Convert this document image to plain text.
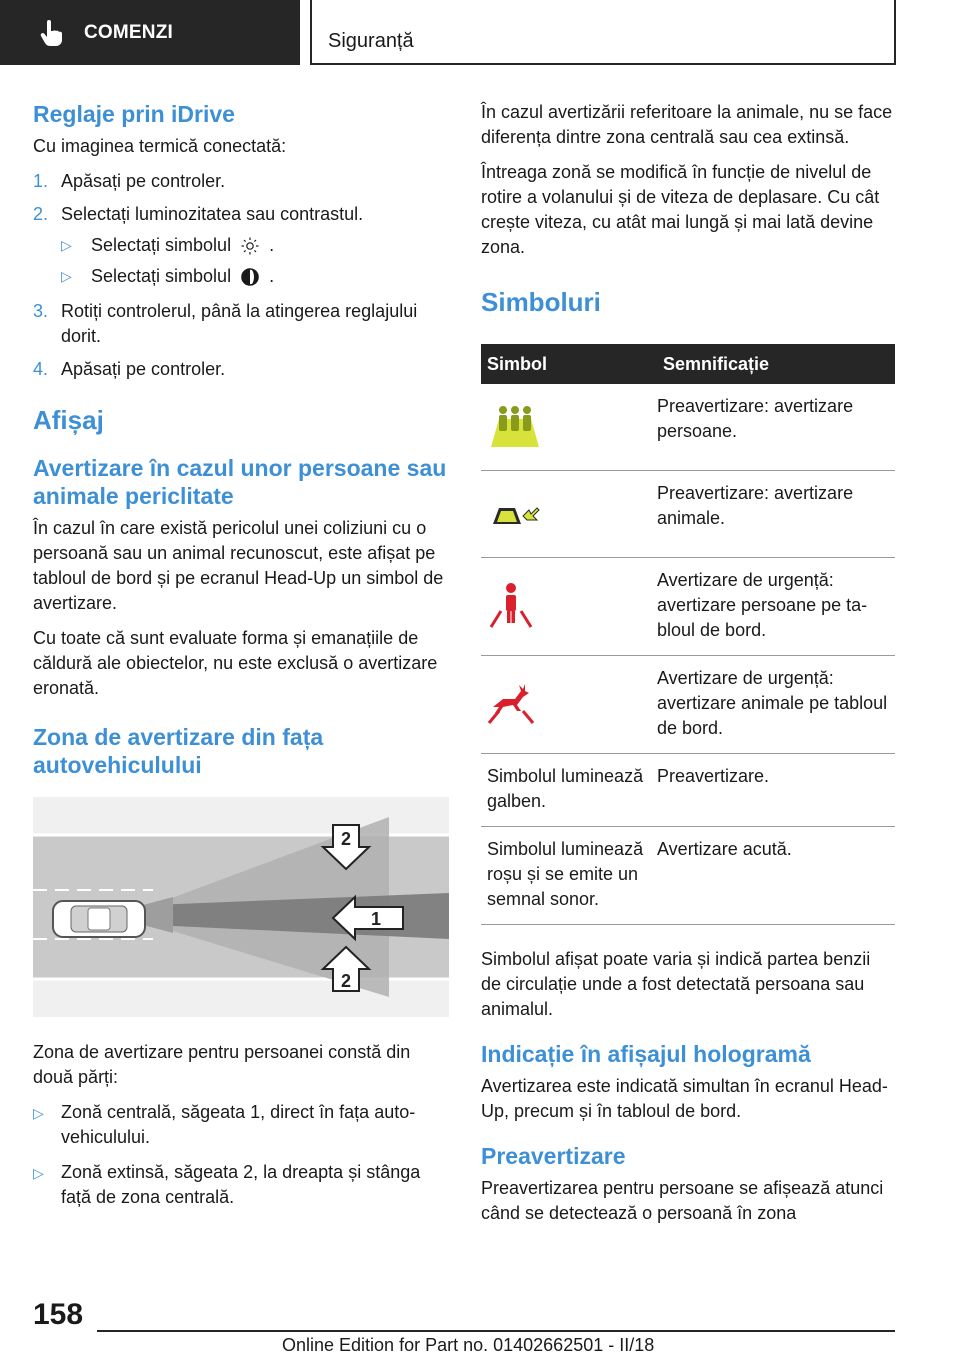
COMENZI	Siguranță
Reglaje prin iDrive

Cu imaginea termică conectată:

1. Apăsați pe controler.
2. Selectați luminozitatea sau contrastul.
▷	Selectați simbolul .
▷	Selectați simbolul .
3. Rotiți controlerul, până la atingerea reglajului dorit.
4. Apăsați pe controler.
Afișaj
Avertizare în cazul unor persoane sau animale periclitate

În cazul în care există pericolul unei coliziuni cu o persoană sau un animal recunoscut, este afișat pe tabloul de bord și pe ecranul Head-Up un simbol de avertizare.

Cu toate că sunt evaluate forma și emanațiile de căldură ale obiectelor, nu este exclusă o avertizare eronată.

Zona de avertizare din fața autovehiculului
2
1
2

Zona de avertizare pentru persoanei constă din două părți:

▷ Zonă centrală, săgeata 1, direct în fața autovehiculului.
▷ Zonă extinsă, săgeata 2, la dreapta și stânga față de zona centrală.

În cazul avertizării referitoare la animale, nu se face diferența dintre zona centrală sau cea extinsă.

Întreaga zonă se modifică în funcție de nivelul de rotire a volanului și de viteza de deplasare. Cu cât crește viteza, cu atât mai lungă și mai lată devine zona.

Simboluri
Simbol	Semnificație

	Preavertizare: avertizare persoane.

	Preavertizare: avertizare animale.

	Avertizare de urgență: avertizare persoane pe tabloul de bord.

	Avertizare de urgență: avertizare animale pe tabloul de bord.
Simbolul luminează galben.	Preavertizare.
Simbolul luminează roșu și se emite un semnal sonor.	Avertizare acută.

Simbolul afișat poate varia și indică partea benzii de circulație unde a fost detectată persoana sau animalul.

Indicație în afișajul hologramă

Avertizarea este indicată simultan în ecranul Head-Up, precum și în tabloul de bord.

Preavertizare

Preavertizarea pentru persoane se afișează atunci când se detectează o persoană în zona

158
Online Edition for Part no. 01402662501 - II/18
